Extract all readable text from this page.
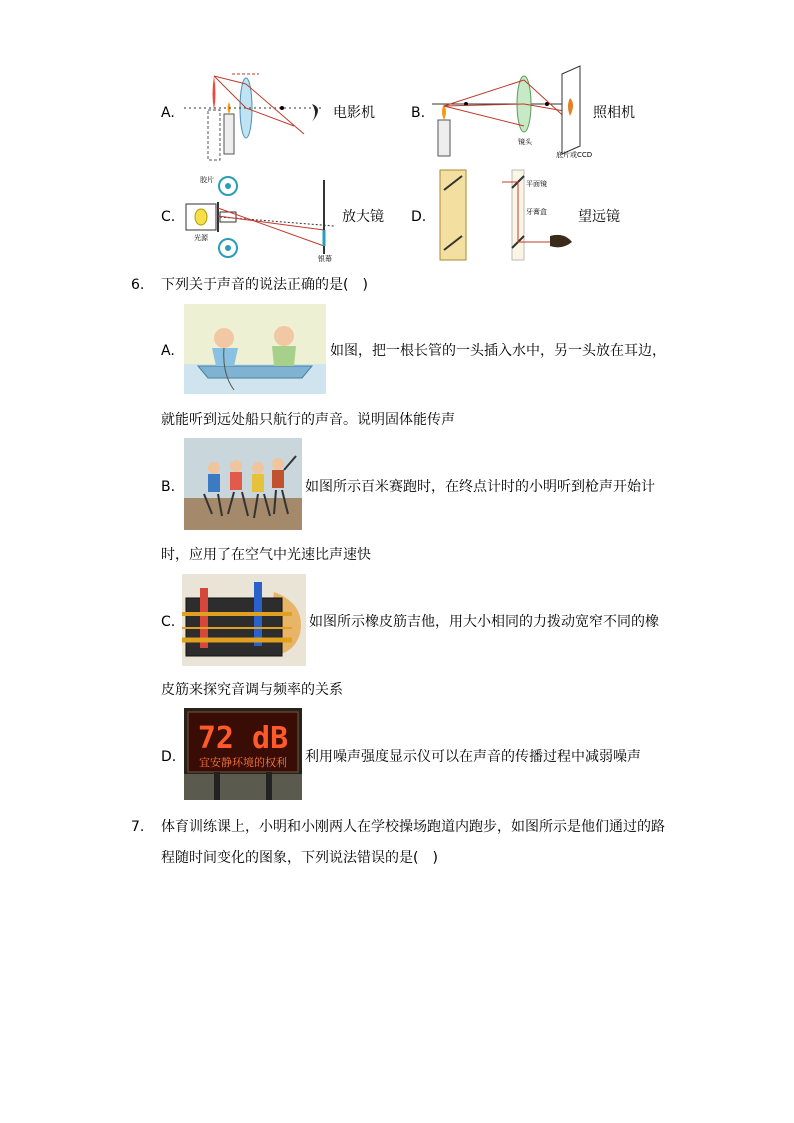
A.	电影机	B.
镜头
底片或CCD
照相机
C.
胶片
光源
银幕
放大镜 D.
平面镜
牙膏盒 望远镜
6. 下列关于声音的说法正确的是(　)
A.	如图，把一根长管的一头插入水中，另一头放在耳边，
就能听到远处船只航行的声音。说明固体能传声
B.	如图所示百米赛跑时，在终点计时的小明听到枪声开始计
时，应用了在空气中光速比声速快
C.	如图所示橡皮筋吉他，用大小相同的力拨动宽窄不同的橡
皮筋来探究音调与频率的关系
D.
72 dB
宜安静环境的权利 利用噪声强度显示仪可以在声音的传播过程中减弱噪声
7. 体育训练课上，小明和小刚两人在学校操场跑道内跑步，如图所示是他们通过的路
程随时间变化的图象，下列说法错误的是(　)
